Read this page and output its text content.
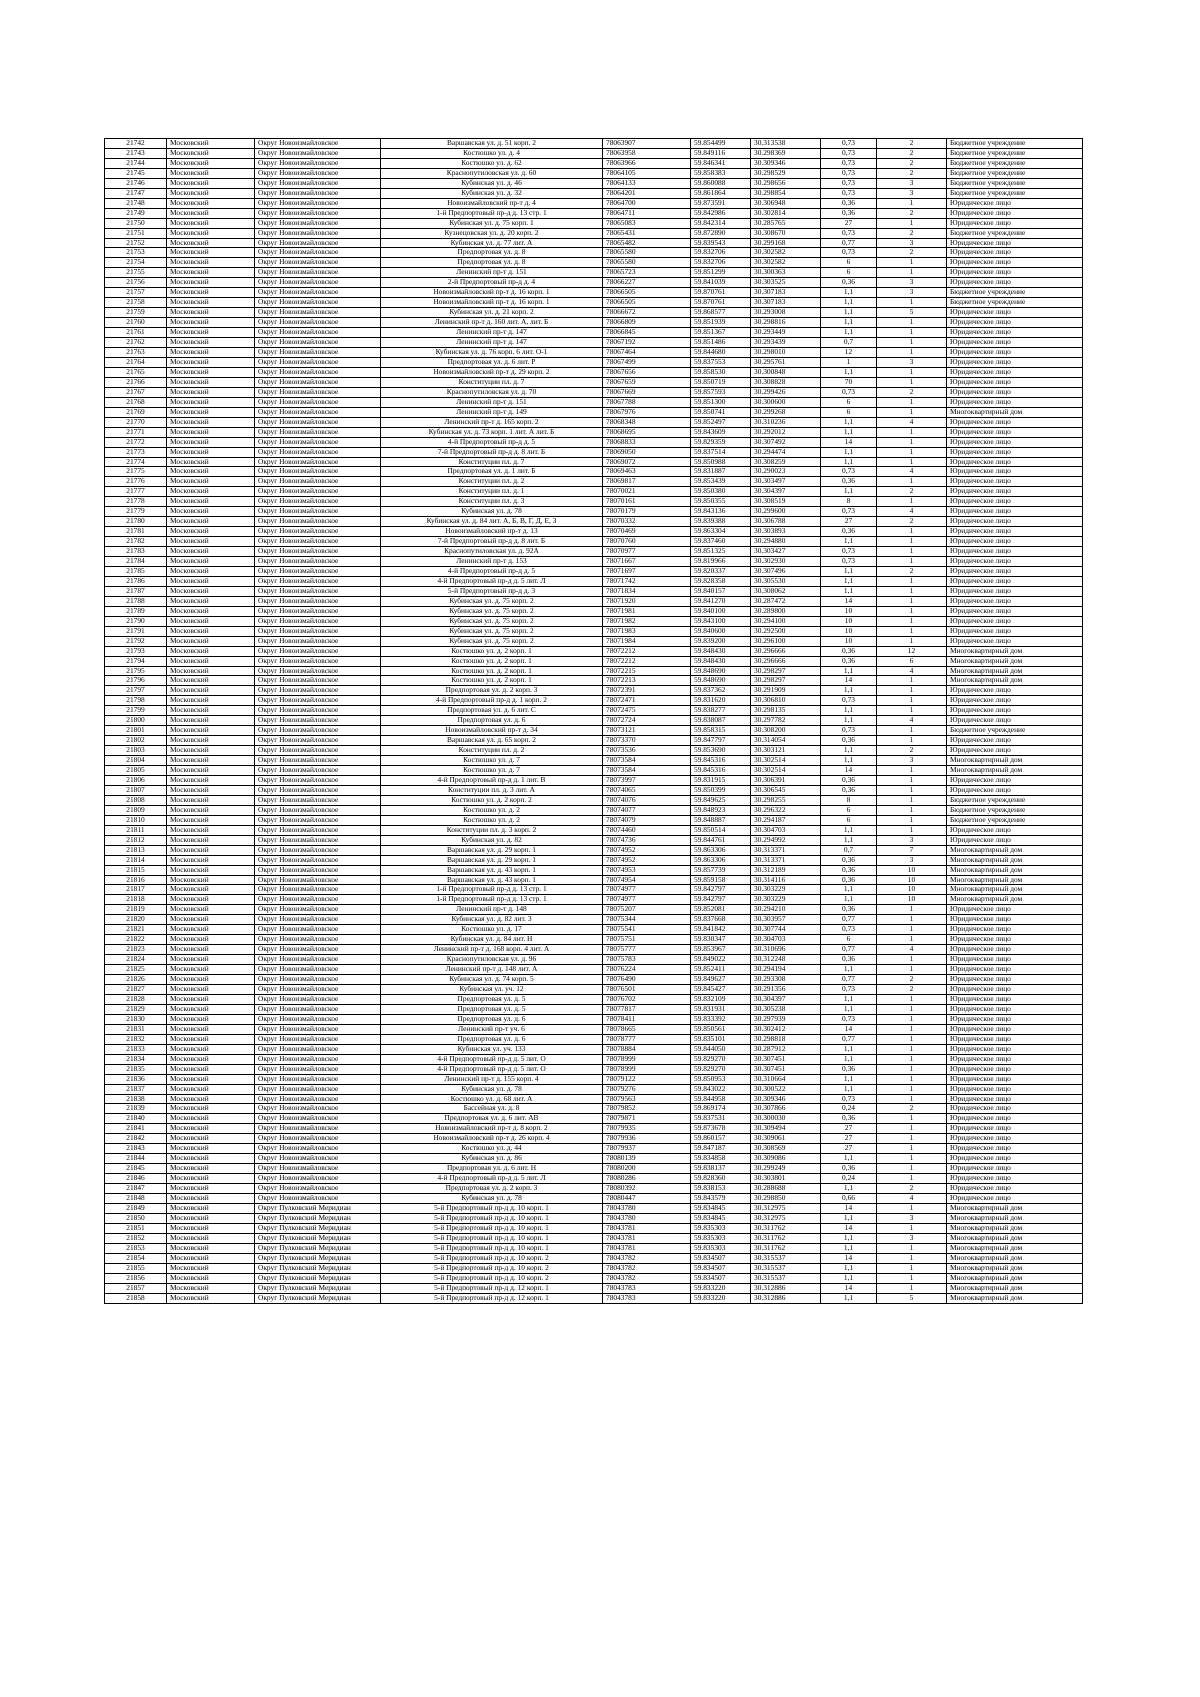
21742	Московский	Округ Новоизмайловское	Варшавская ул. д. 51 корп. 2	78063907	59.854499	30.313538	0,73	2	Бюджетное учреждение
21743	Московский	Округ Новоизмайловское	Костюшко ул. д. 4	78063958	59.849116	30.298369	0,73	2	Бюджетное учреждение
21744	Московский	Округ Новоизмайловское	Костюшко ул. д. 62	78063966	59.846341	30.309346	0,73	2	Бюджетное учреждение
21745	Московский	Округ Новоизмайловское	Краснопутиловская ул. д. 60	78064105	59.858383	30.298529	0,73	2	Бюджетное учреждение
21746	Московский	Округ Новоизмайловское	Кубинская ул. д. 46	78064133	59.860088	30.298656	0,73	3	Бюджетное учреждение
21747	Московский	Округ Новоизмайловское	Кубинская ул. д. 32	78064201	59.861864	30.298854	0,73	3	Бюджетное учреждение
21748	Московский	Округ Новоизмайловское	Новоизмайловский пр-т д. 4	78064700	59.873591	30.306948	0,36	1	Юридическое лицо
21749	Московский	Округ Новоизмайловское	1-й Предпортовый пр-д д. 13 стр. 1	78064711	59.842986	30.302814	0,36	2	Юридическое лицо
21750	Московский	Округ Новоизмайловское	Кубинская ул. д. 75 корп. 1	78065083	59.842314	30.285765	27	1	Юридическое лицо
21751	Московский	Округ Новоизмайловское	Кузнецовская ул. д. 20 корп. 2	78065431	59.872890	30.308670	0,73	2	Бюджетное учреждение
21752	Московский	Округ Новоизмайловское	Кубинская ул. д. 77 лит. А	78065482	59.839543	30.299168	0,77	3	Юридическое лицо
21753	Московский	Округ Новоизмайловское	Предпортовая ул. д. 8	78065580	59.832706	30.302582	0,73	2	Юридическое лицо
21754	Московский	Округ Новоизмайловское	Предпортовая ул. д. 8	78065580	59.832706	30.302582	6	1	Юридическое лицо
21755	Московский	Округ Новоизмайловское	Ленинский пр-т д. 151	78065723	59.851299	30.300363	6	1	Юридическое лицо
21756	Московский	Округ Новоизмайловское	2-й Предпортовый пр-д д. 4	78066227	59.841039	30.303525	0,36	3	Юридическое лицо
21757	Московский	Округ Новоизмайловское	Новоизмайловский пр-т д. 16 корп. 1	78066505	59.870761	30.307183	1,1	3	Бюджетное учреждение
21758	Московский	Округ Новоизмайловское	Новоизмайловский пр-т д. 16 корп. 1	78066505	59.870761	30.307183	1,1	1	Бюджетное учреждение
21759	Московский	Округ Новоизмайловское	Кубинская ул. д. 21 корп. 2	78066672	59.868577	30.293008	1,1	5	Юридическое лицо
21760	Московский	Округ Новоизмайловское	Ленинский пр-т д. 160 лит. А, лит. Б	78066809	59.851939	30.298816	1,1	1	Юридическое лицо
21761	Московский	Округ Новоизмайловское	Ленинский пр-т д. 147	78066845	59.851367	30.293449	1,1	1	Юридическое лицо
21762	Московский	Округ Новоизмайловское	Ленинский пр-т д. 147	78067192	59.851486	30.293439	0,7	1	Юридическое лицо
21763	Московский	Округ Новоизмайловское	Кубинская ул. д. 76 корп. 6 лит. О-1	78067464	59.844680	30.298010	12	1	Юридическое лицо
21764	Московский	Округ Новоизмайловское	Предпортовая ул. д. 6 лит. Р	78067499	59.837553	30.295761	1	3	Юридическое лицо
21765	Московский	Округ Новоизмайловское	Новоизмайловский пр-т д. 29 корп. 2	78067656	59.858530	30.300848	1,1	1	Юридическое лицо
21766	Московский	Округ Новоизмайловское	Конституции пл. д. 7	78067659	59.850719	30.308828	70	1	Юридическое лицо
21767	Московский	Округ Новоизмайловское	Краснопутиловская ул. д. 70	78067669	59.857593	30.299426	0,73	2	Юридическое лицо
21768	Московский	Округ Новоизмайловское	Ленинский пр-т д. 151	78067788	59.851300	30.300600	6	1	Юридическое лицо
21769	Московский	Округ Новоизмайловское	Ленинский пр-т д. 149	78067976	59.850741	30.299268	6	1	Многоквартирный дом
21770	Московский	Округ Новоизмайловское	Ленинский пр-т д. 165 корп. 2	78068348	59.852497	30.310236	1,1	4	Юридическое лицо
21771	Московский	Округ Новоизмайловское	Кубинская ул. д. 73 корп. 1 лит. А лит. Б	78068695	59.843609	30.292012	1,1	1	Юридическое лицо
21772	Московский	Округ Новоизмайловское	4-й Предпортовый пр-д д. 5	78068833	59.829359	30.307492	14	1	Юридическое лицо
21773	Московский	Округ Новоизмайловское	7-й Предпортовый пр-д д. 8 лит. Б	78069050	59.837514	30.294474	1,1	1	Юридическое лицо
21774	Московский	Округ Новоизмайловское	Конституции пл. д. 7	78069072	59.850988	30.308259	1,1	1	Юридическое лицо
21775	Московский	Округ Новоизмайловское	Предпортовая ул. д. 1 лит. Б	78069463	59.831887	30.290023	0,73	4	Юридическое лицо
21776	Московский	Округ Новоизмайловское	Конституции пл. д. 2	78069817	59.853439	30.303497	0,36	1	Юридическое лицо
21777	Московский	Округ Новоизмайловское	Конституции пл. д. 1	78070021	59.850380	30.304397	1,1	2	Юридическое лицо
21778	Московский	Округ Новоизмайловское	Конституции пл. д. 3	78070161	59.850355	30.308519	8	1	Юридическое лицо
21779	Московский	Округ Новоизмайловское	Кубинская ул. д. 78	78070179	59.843136	30.299600	0,73	4	Юридическое лицо
21780	Московский	Округ Новоизмайловское	Кубинская ул. д. 84 лит. А, Б, В, Г, Д, Е, З	78070332	59.839388	30.306788	27	2	Юридическое лицо
21781	Московский	Округ Новоизмайловское	Новоизмайловский пр-т д. 13	78070469	59.863304	30.303893	0,36	1	Юридическое лицо
21782	Московский	Округ Новоизмайловское	7-й Предпортовый пр-д д. 8 лит. Б	78070760	59.837460	30.294880	1,1	1	Юридическое лицо
21783	Московский	Округ Новоизмайловское	Краснопутиловская ул. д. 92А	78070977	59.851325	30.303427	0,73	1	Юридическое лицо
21784	Московский	Округ Новоизмайловское	Ленинский пр-т д. 153	78071667	59.819966	30.302930	0,73	1	Юридическое лицо
21785	Московский	Округ Новоизмайловское	4-й Предпортовый пр-д д. 5	78071697	59.820337	30.307496	1,1	2	Юридическое лицо
21786	Московский	Округ Новоизмайловское	4-й Предпортовый пр-д д. 5 лит. Л	78071742	59.828358	30.305530	1,1	1	Юридическое лицо
21787	Московский	Округ Новоизмайловское	5-й Предпортовый пр-д д. 3	78071834	59.840157	30.308062	1,1	1	Юридическое лицо
21788	Московский	Округ Новоизмайловское	Кубинская ул. д. 75 корп. 2	78071920	59.841270	30.287472	14	1	Юридическое лицо
21789	Московский	Округ Новоизмайловское	Кубинская ул. д. 75 корп. 2	78071981	59.840100	30.289800	10	1	Юридическое лицо
21790	Московский	Округ Новоизмайловское	Кубинская ул. д. 75 корп. 2	78071982	59.843100	30.294100	10	1	Юридическое лицо
21791	Московский	Округ Новоизмайловское	Кубинская ул. д. 75 корп. 2	78071983	59.840600	30.292500	10	1	Юридическое лицо
21792	Московский	Округ Новоизмайловское	Кубинская ул. д. 75 корп. 2	78071984	59.839200	30.296100	10	1	Юридическое лицо
21793	Московский	Округ Новоизмайловское	Костюшко ул. д. 2 корп. 1	78072212	59.848430	30.296666	0,36	12	Многоквартирный дом
21794	Московский	Округ Новоизмайловское	Костюшко ул. д. 2 корп. 1	78072212	59.848430	30.296666	0,36	6	Многоквартирный дом
21795	Московский	Округ Новоизмайловское	Костюшко ул. д. 2 корп. 1	78072215	59.848690	30.298297	1,1	4	Многоквартирный дом
21796	Московский	Округ Новоизмайловское	Костюшко ул. д. 2 корп. 1	78072213	59.848690	30.298297	14	1	Многоквартирный дом
21797	Московский	Округ Новоизмайловское	Предпортовая ул. д. 2 корп. 3	78072391	59.837362	30.291909	1,1	1	Юридическое лицо
21798	Московский	Округ Новоизмайловское	4-й Предпортовый пр-д д. 1 корп. 2	78072471	59.831620	30.306810	0,73	1	Юридическое лицо
21799	Московский	Округ Новоизмайловское	Предпортовая ул. д. 6 лит. С	78072475	59.838277	30.298135	1,1	1	Юридическое лицо
21800	Московский	Округ Новоизмайловское	Предпортовая ул. д. 6	78072724	59.838087	30.297782	1,1	4	Юридическое лицо
21801	Московский	Округ Новоизмайловское	Новоизмайловский пр-т д. 34	78073121	59.858315	30.308200	0,73	1	Бюджетное учреждение
21802	Московский	Округ Новоизмайловское	Варшавская ул. д. 65 корп. 2	78073370	59.847797	30.314054	0,36	1	Юридическое лицо
21803	Московский	Округ Новоизмайловское	Конституции пл. д. 2	78073536	59.853690	30.303121	1,1	2	Юридическое лицо
21804	Московский	Округ Новоизмайловское	Костюшко ул. д. 7	78073584	59.845316	30.302514	1,1	3	Многоквартирный дом
21805	Московский	Округ Новоизмайловское	Костюшко ул. д. 7	78073584	59.845316	30.302514	14	1	Многоквартирный дом
21806	Московский	Округ Новоизмайловское	4-й Предпортовый пр-д д. 1 лит. В	78073997	59.831915	30.306391	0,36	1	Юридическое лицо
21807	Московский	Округ Новоизмайловское	Конституции пл. д. 3 лит. А	78074065	59.850399	30.306545	0,36	1	Юридическое лицо
21808	Московский	Округ Новоизмайловское	Костюшко ул. д. 2 корп. 2	78074076	59.849625	30.298255	8	1	Бюджетное учреждение
21809	Московский	Округ Новоизмайловское	Костюшко ул. д. 2	78074077	59.848923	30.296322	6	1	Бюджетное учреждение
21810	Московский	Округ Новоизмайловское	Костюшко ул. д. 2	78074079	59.848887	30.294187	6	1	Бюджетное учреждение
21811	Московский	Округ Новоизмайловское	Конституции пл. д. 3 корп. 2	78074460	59.850514	30.304703	1,1	1	Юридическое лицо
21812	Московский	Округ Новоизмайловское	Кубинская ул. д. 82	78074736	59.844761	30.294992	1,1	3	Юридическое лицо
21813	Московский	Округ Новоизмайловское	Варшавская ул. д. 29 корп. 1	78074952	59.863306	30.313371	0,7	7	Многоквартирный дом
21814	Московский	Округ Новоизмайловское	Варшавская ул. д. 29 корп. 1	78074952	59.863306	30.313371	0,36	3	Многоквартирный дом
21815	Московский	Округ Новоизмайловское	Варшавская ул. д. 43 корп. 1	78074953	59.857739	30.312189	0,36	10	Многоквартирный дом
21816	Московский	Округ Новоизмайловское	Варшавская ул. д. 43 корп. 1	78074954	59.859158	30.314116	0,36	10	Многоквартирный дом
21817	Московский	Округ Новоизмайловское	1-й Предпортовый пр-д д. 13 стр. 1	78074977	59.842797	30.303229	1,1	10	Многоквартирный дом
21818	Московский	Округ Новоизмайловское	1-й Предпортовый пр-д д. 13 стр. 1	78074977	59.842797	30.303229	1,1	10	Многоквартирный дом
21819	Московский	Округ Новоизмайловское	Ленинский пр-т д. 148	78075207	59.852081	30.294210	0,36	1	Юридическое лицо
21820	Московский	Округ Новоизмайловское	Кубинская ул. д. 82 лит. 3	78075344	59.837668	30.303957	0,77	1	Юридическое лицо
21821	Московский	Округ Новоизмайловское	Костюшко ул. д. 17	78075541	59.841842	30.307744	0,73	1	Юридическое лицо
21822	Московский	Округ Новоизмайловское	Кубинская ул. д. 84 лит. Н	78075751	59.830347	30.304703	6	1	Юридическое лицо
21823	Московский	Округ Новоизмайловское	Ленинский пр-т д. 168 корп. 4 лит. А	78075777	59.853967	30.310696	0,77	4	Юридическое лицо
21824	Московский	Округ Новоизмайловское	Краснопутиловская ул. д. 96	78075783	59.849022	30.312248	0,36	1	Юридическое лицо
21825	Московский	Округ Новоизмайловское	Ленинский пр-т д. 148 лит. А	78076224	59.852411	30.294194	1,1	1	Юридическое лицо
21826	Московский	Округ Новоизмайловское	Кубинская ул. д. 74 корп. 5	78076490	59.849627	30.293308	0,77	2	Юридическое лицо
21827	Московский	Округ Новоизмайловское	Кубинская ул. уч. 12	78076501	59.845427	30.291356	0,73	2	Юридическое лицо
21828	Московский	Округ Новоизмайловское	Предпортовая ул. д. 5	78076702	59.832109	30.304397	1,1	1	Юридическое лицо
21829	Московский	Округ Новоизмайловское	Предпортовая ул. д. 5	78077817	59.831931	30.305238	1,1	1	Юридическое лицо
21830	Московский	Округ Новоизмайловское	Предпортовая ул. д. 6	78078411	59.833392	30.297939	0,73	1	Юридическое лицо
21831	Московский	Округ Новоизмайловское	Ленинский пр-т уч. 6	78078665	59.850561	30.302412	14	1	Юридическое лицо
21832	Московский	Округ Новоизмайловское	Предпортовая ул. д. 6	78078777	59.835101	30.298818	0,77	1	Юридическое лицо
21833	Московский	Округ Новоизмайловское	Кубинская ул. уч. 133	78078884	59.844050	30.287912	1,1	1	Юридическое лицо
21834	Московский	Округ Новоизмайловское	4-й Предпортовый пр-д д. 5 лит. О	78078999	59.829270	30.307451	1,1	1	Юридическое лицо
21835	Московский	Округ Новоизмайловское	4-й Предпортовый пр-д д. 5 лит. О	78078999	59.829270	30.307451	0,36	1	Юридическое лицо
21836	Московский	Округ Новоизмайловское	Ленинский пр-т д. 155 корп. 4	78079122	59.850953	30.310664	1,1	1	Юридическое лицо
21837	Московский	Округ Новоизмайловское	Кубинская ул. д. 78	78079276	59.843022	30.300522	1,1	1	Юридическое лицо
21838	Московский	Округ Новоизмайловское	Костюшко ул. д. 68 лит. А	78079563	59.844958	30.309346	0,73	1	Юридическое лицо
21839	Московский	Округ Новоизмайловское	Бассейная ул. д. 8	78079852	59.869174	30.307866	0,24	2	Юридическое лицо
21840	Московский	Округ Новоизмайловское	Предпортовая ул. д. 6 лит. АВ	78079871	59.837531	30.300030	0,36	1	Юридическое лицо
21841	Московский	Округ Новоизмайловское	Новоизмайловский пр-т д. 8 корп. 2	78079935	59.873678	30.309494	27	1	Юридическое лицо
21842	Московский	Округ Новоизмайловское	Новоизмайловский пр-т д. 26 корп. 4	78079936	59.860157	30.309061	27	1	Юридическое лицо
21843	Московский	Округ Новоизмайловское	Костюшко ул. д. 44	78079937	59.847187	30.308569	27	1	Юридическое лицо
21844	Московский	Округ Новоизмайловское	Кубинская ул. д. 86	78080139	59.834858	30.309086	1,1	1	Юридическое лицо
21845	Московский	Округ Новоизмайловское	Предпортовая ул. д. 6 лит. Н	78080200	59.838137	30.299249	0,36	1	Юридическое лицо
21846	Московский	Округ Новоизмайловское	4-й Предпортовый пр-д д. 5 лит. Л	78080286	59.828360	30.303801	0,24	1	Юридическое лицо
21847	Московский	Округ Новоизмайловское	Предпортовая ул. д. 2 корп. 3	78080392	59.838153	30.288688	1,1	2	Юридическое лицо
21848	Московский	Округ Новоизмайловское	Кубинская ул. д. 78	78080447	59.843579	30.298850	0,66	4	Юридическое лицо
21849	Московский	Округ Пулковский Меридиан	5-й Предпортовый пр-д д. 10 корп. 1	78043780	59.834845	30.312975	14	1	Многоквартирный дом
21850	Московский	Округ Пулковский Меридиан	5-й Предпортовый пр-д д. 10 корп. 1	78043780	59.834845	30.312975	1,1	3	Многоквартирный дом
21851	Московский	Округ Пулковский Меридиан	5-й Предпортовый пр-д д. 10 корп. 1	78043781	59.835303	30.311762	14	1	Многоквартирный дом
21852	Московский	Округ Пулковский Меридиан	5-й Предпортовый пр-д д. 10 корп. 1	78043781	59.835303	30.311762	1,1	3	Многоквартирный дом
21853	Московский	Округ Пулковский Меридиан	5-й Предпортовый пр-д д. 10 корп. 1	78043781	59.835303	30.311762	1,1	1	Многоквартирный дом
21854	Московский	Округ Пулковский Меридиан	5-й Предпортовый пр-д д. 10 корп. 2	78043782	59.834507	30.315537	14	1	Многоквартирный дом
21855	Московский	Округ Пулковский Меридиан	5-й Предпортовый пр-д д. 10 корп. 2	78043782	59.834507	30.315537	1,1	1	Многоквартирный дом
21856	Московский	Округ Пулковский Меридиан	5-й Предпортовый пр-д д. 10 корп. 2	78043782	59.834507	30.315537	1,1	1	Многоквартирный дом
21857	Московский	Округ Пулковский Меридиан	5-й Предпортовый пр-д д. 12 корп. 1	78043783	59.833220	30.312886	14	1	Многоквартирный дом
21858	Московский	Округ Пулковский Меридиан	5-й Предпортовый пр-д д. 12 корп. 1	78043783	59.833220	30.312886	1,1	5	Многоквартирный дом
